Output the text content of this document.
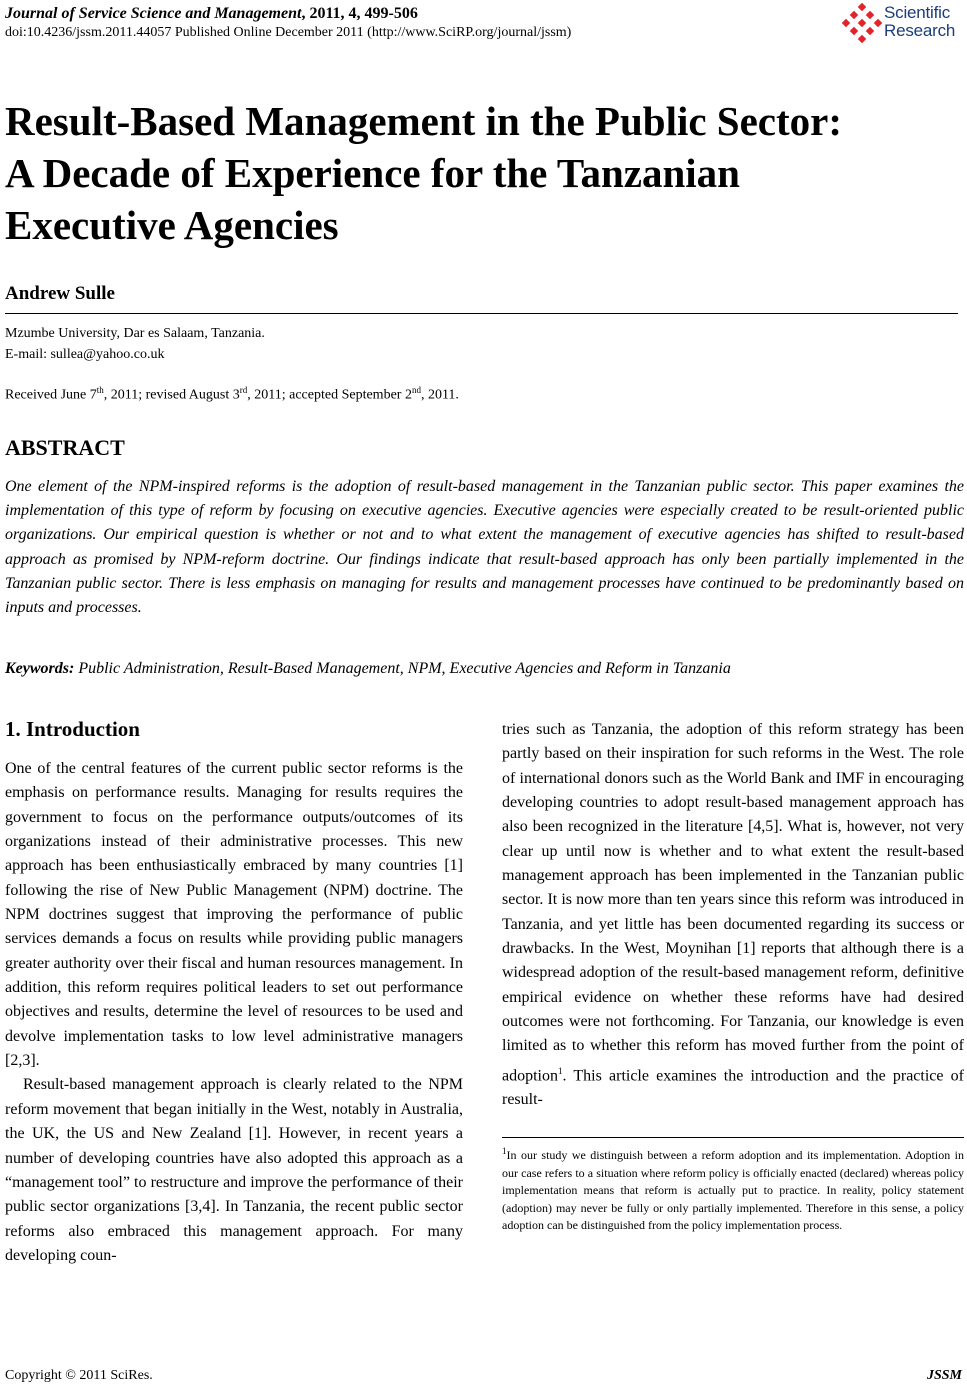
Journal of Service Science and Management, 2011, 4, 499-506
doi:10.4236/jssm.2011.44057 Published Online December 2011 (http://www.SciRP.org/journal/jssm)
Scientific
Research
Result-Based Management in the Public Sector:
A Decade of Experience for the Tanzanian
Executive Agencies
Andrew Sulle
Mzumbe University, Dar es Salaam, Tanzania.
E-mail: sullea@yahoo.co.uk
Received June 7th, 2011; revised August 3rd, 2011; accepted September 2nd, 2011.
ABSTRACT
One element of the NPM-inspired reforms is the adoption of result-based management in the Tanzanian public sector. This paper examines the implementation of this type of reform by focusing on executive agencies. Executive agencies were especially created to be result-oriented public organizations. Our empirical question is whether or not and to what extent the management of executive agencies has shifted to result-based approach as promised by NPM-reform doctrine. Our findings indicate that result-based approach has only been partially implemented in the Tanzanian public sector. There is less emphasis on managing for results and management processes have continued to be predominantly based on inputs and processes.
Keywords: Public Administration, Result-Based Management, NPM, Executive Agencies and Reform in Tanzania
1. Introduction

One of the central features of the current public sector reforms is the emphasis on performance results. Managing for results requires the government to focus on the performance outputs/outcomes of its organizations instead of their administrative processes. This new approach has been enthusiastically embraced by many countries [1] following the rise of New Public Management (NPM) doctrine. The NPM doctrines suggest that improving the performance of public services demands a focus on results while providing public managers greater authority over their fiscal and human resources management. In addition, this reform requires political leaders to set out performance objectives and results, determine the level of resources to be used and devolve implementation tasks to low level administrative managers [2,3].

Result-based management approach is clearly related to the NPM reform movement that began initially in the West, notably in Australia, the UK, the US and New Zealand [1]. However, in recent years a number of developing countries have also adopted this approach as a “management tool” to restructure and improve the performance of their public sector organizations [3,4]. In Tanzania, the recent public sector reforms also embraced this management approach. For many developing coun-

tries such as Tanzania, the adoption of this reform strategy has been partly based on their inspiration for such reforms in the West. The role of international donors such as the World Bank and IMF in encouraging developing countries to adopt result-based management approach has also been recognized in the literature [4,5]. What is, however, not very clear up until now is whether and to what extent the result-based management approach has been implemented in the Tanzanian public sector. It is now more than ten years since this reform was introduced in Tanzania, and yet little has been documented regarding its success or drawbacks. In the West, Moynihan [1] reports that although there is a widespread adoption of the result-based management reform, definitive empirical evidence on whether these reforms have had desired outcomes were not forthcoming. For Tanzania, our knowledge is even limited as to whether this reform has moved further from the point of adoption$^1$. This article examines the introduction and the practice of result-

$^1$In our study we distinguish between a reform adoption and its implementation. Adoption in our case refers to a situation where reform policy is officially enacted (declared) whereas policy implementation means that reform is actually put to practice. In reality, policy statement (adoption) may never be fully or only partially implemented. Therefore in this sense, a policy adoption can be distinguished from the policy implementation process.
Copyright © 2011 SciRes.	JSSM
